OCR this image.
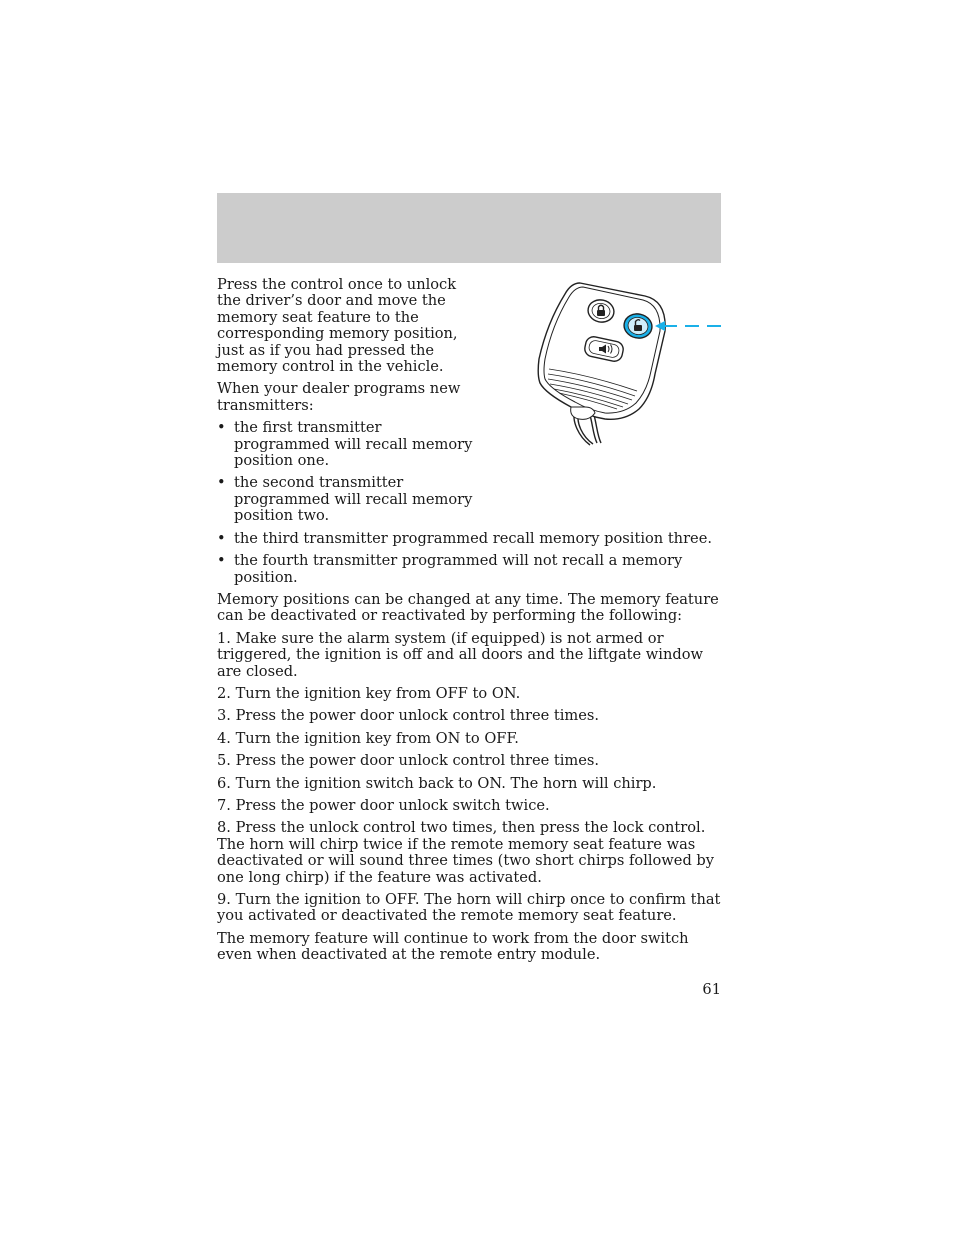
Press the control once to unlock the driver’s door and move the memory seat feature to the corresponding memory position, just as if you had pressed the memory control in the vehicle.

When your dealer programs new transmitters:

• the first transmitter programmed will recall memory position one.
• the second transmitter programmed will recall memory position two.
• the third transmitter programmed recall memory position three.
• the fourth transmitter programmed will not recall a memory position.

Memory positions can be changed at any time. The memory feature can be deactivated or reactivated by performing the following:

1. Make sure the alarm system (if equipped) is not armed or triggered, the ignition is off and all doors and the liftgate window are closed.

2. Turn the ignition key from OFF to ON.

3. Press the power door unlock control three times.

4. Turn the ignition key from ON to OFF.

5. Press the power door unlock control three times.

6. Turn the ignition switch back to ON. The horn will chirp.

7. Press the power door unlock switch twice.

8. Press the unlock control two times, then press the lock control. The horn will chirp twice if the remote memory seat feature was deactivated or will sound three times (two short chirps followed by one long chirp) if the feature was activated.

9. Turn the ignition to OFF. The horn will chirp once to confirm that you activated or deactivated the remote memory seat feature.

The memory feature will continue to work from the door switch even when deactivated at the remote entry module.

61
